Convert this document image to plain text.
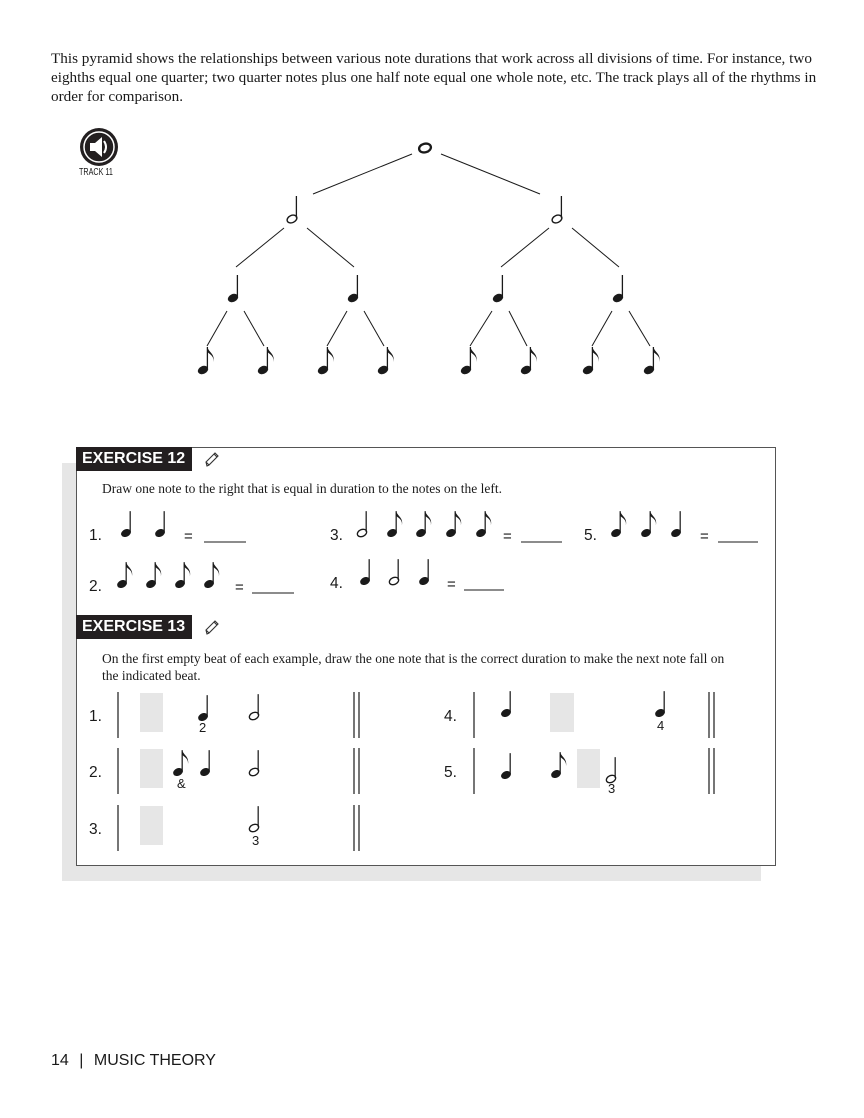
This pyramid shows the relationships between various note durations that work across all divisions of time. For instance, two eighths equal one quarter; two quarter notes plus one half note equal one whole note, etc. The track plays all of the rhythms in order for comparison.
TRACK 11
EXERCISE 12
Draw one note to the right that is equal in duration to the notes on the left.
EXERCISE 13
On the first empty beat of each example, draw the one note that is the correct duration to make the next note fall on the indicated beat.
1.	=
2.	=
3.	=
4.	=
5.	=
1.
2
2.
&
3.
3
4.
4
5.
3
14 | MUSIC THEORY
